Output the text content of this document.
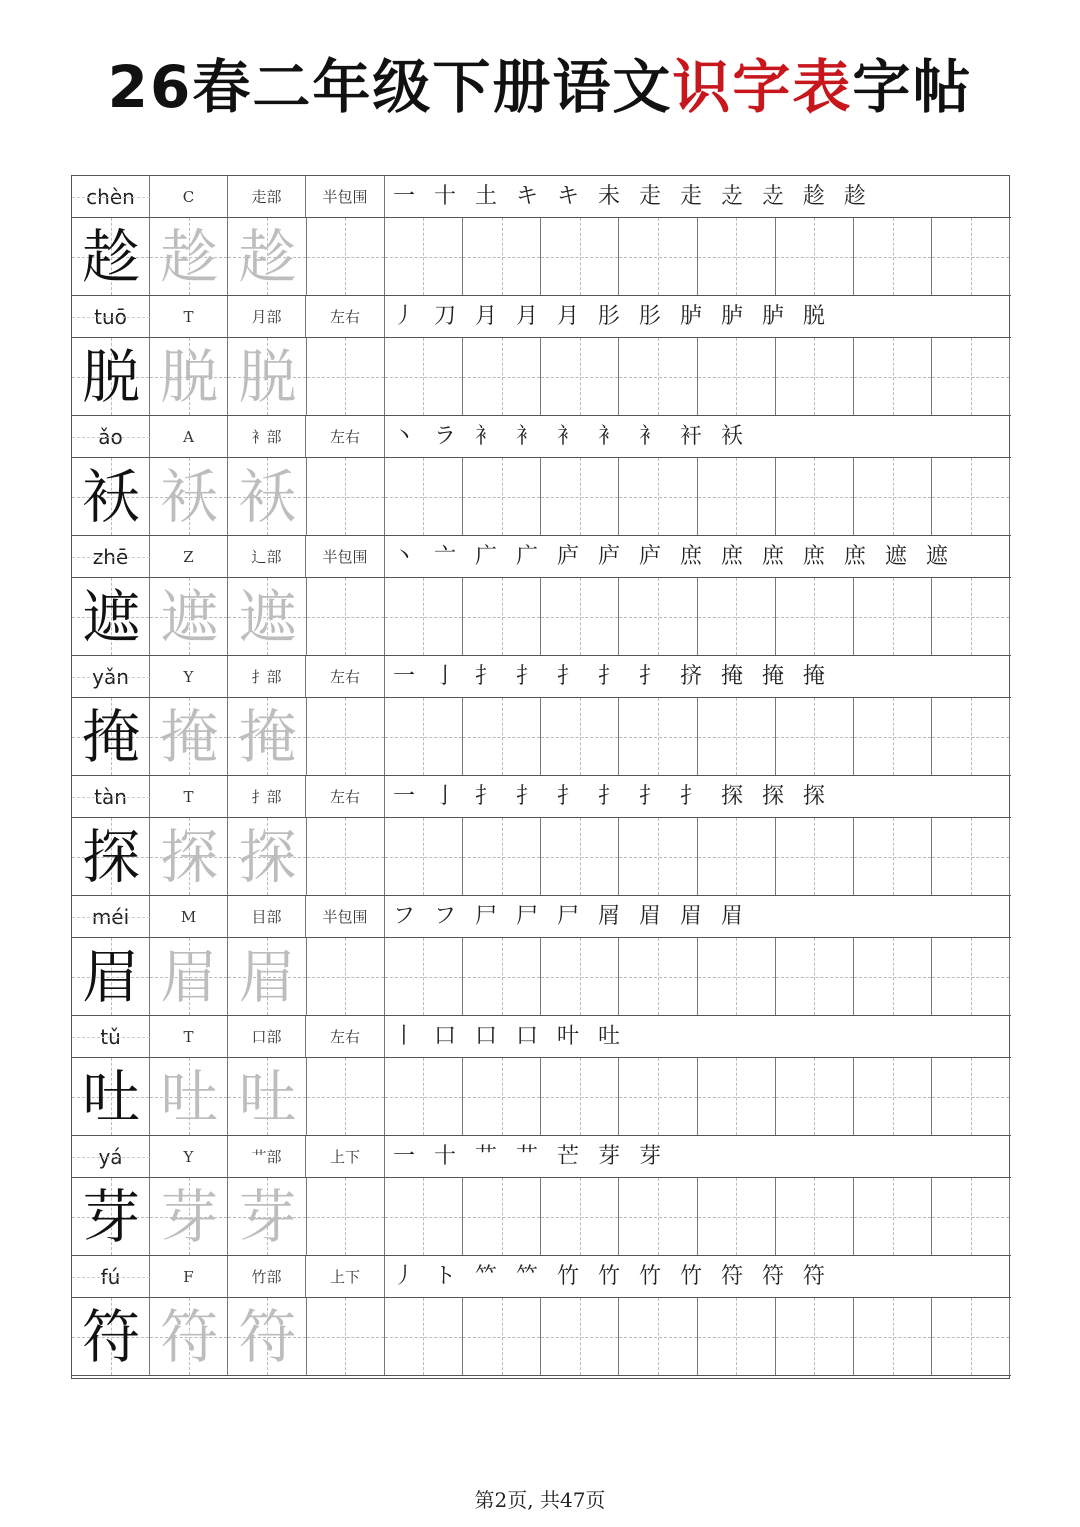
26春二年级下册语文识字表字帖
chèn	C	走部	半包围	一 十 土 キ キ 未 走 走 赱 赱 趁 趁
趁 趁 趁
tuō	T	月部	左右	丿 刀 月 月 月 肜 肜 胪 胪 胪 脱
脱 脱 脱
ǎo	A	衤部	左右	丶 ラ 衤 衤 衤 衤 衤 衦 袄
袄 袄 袄
zhē	Z	辶部	半包围	丶 亠 广 广 庐 庐 庐 庶 庶 庶 庶 庶 遮 遮
遮 遮 遮
yǎn	Y	扌部	左右	一 亅 扌 扌 扌 扌 扌 挤 掩 掩 掩
掩 掩 掩
tàn	T	扌部	左右	一 亅 扌 扌 扌 扌 扌 扌 探 探 探
探 探 探
méi	M	目部	半包围	フ フ 尸 尸 尸 屑 眉 眉 眉
眉 眉 眉
tǔ	T	口部	左右	丨 口 口 口 叶 吐
吐 吐 吐
yá	Y	艹部	上下	一 十 艹 艹 芒 芽 芽
芽 芽 芽
fú	F	竹部	上下	丿 ト 𥫗 𥫗 竹 竹 竹 竹 符 符 符
符 符 符
第2页, 共47页
